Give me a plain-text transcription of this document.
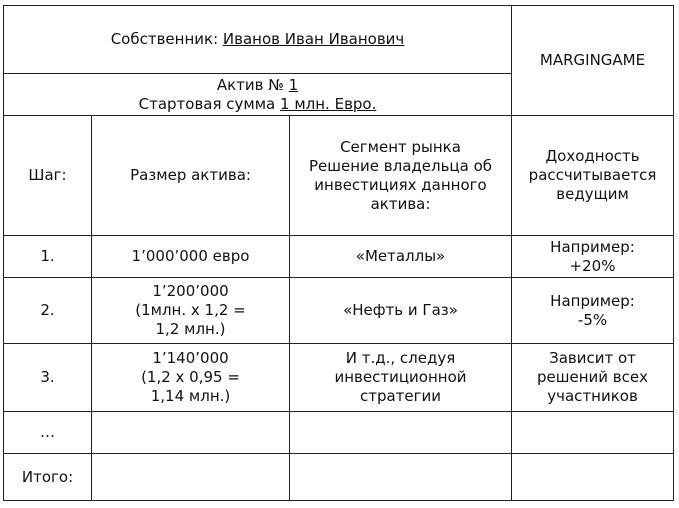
Собственник: Иванов Иван Иванович			MARGINGAME

Актив № 1
Стартовая сумма 1 млн. Евро.			

Шаг:	Размер актива:	Сегмент рынка
Решение владельца об
инвестициях данного
актива:	Доходность
рассчитывается
ведущим

1.	1’000’000 евро	«Металлы»	Например:
+20%

2.	1’200’000
(1млн. х 1,2 =
1,2 млн.)	«Нефть и Газ»	Например:
-5%

3.	1’140’000
(1,2 х 0,95 =
1,14 млн.)	И т.д., следуя
инвестиционной
стратегии	Зависит от
решений всех
участников

…			
Итого:			
